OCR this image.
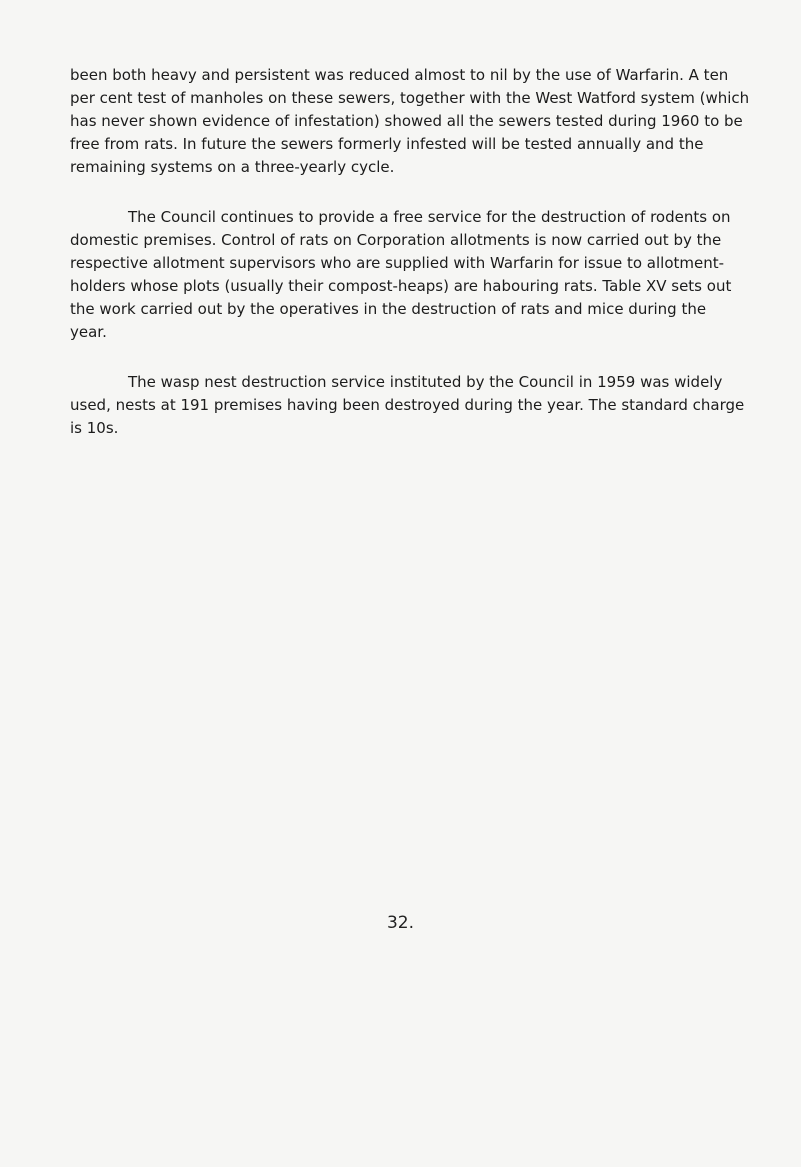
been both heavy and persistent was reduced almost to nil by the use of Warfarin. A ten
per cent test of manholes on these sewers, together with the West Watford system (which
has never shown evidence of infestation) showed all the sewers tested during 1960 to be
free from rats. In future the sewers formerly infested will be tested annually and the
remaining systems on a three-yearly cycle.

The Council continues to provide a free service for the destruction of rodents on
domestic premises. Control of rats on Corporation allotments is now carried out by the
respective allotment supervisors who are supplied with Warfarin for issue to allotment-
holders whose plots (usually their compost-heaps) are habouring rats. Table XV sets out
the work carried out by the operatives in the destruction of rats and mice during the
year.

The wasp nest destruction service instituted by the Council in 1959 was widely
used, nests at 191 premises having been destroyed during the year. The standard charge
is 10s.

32.
